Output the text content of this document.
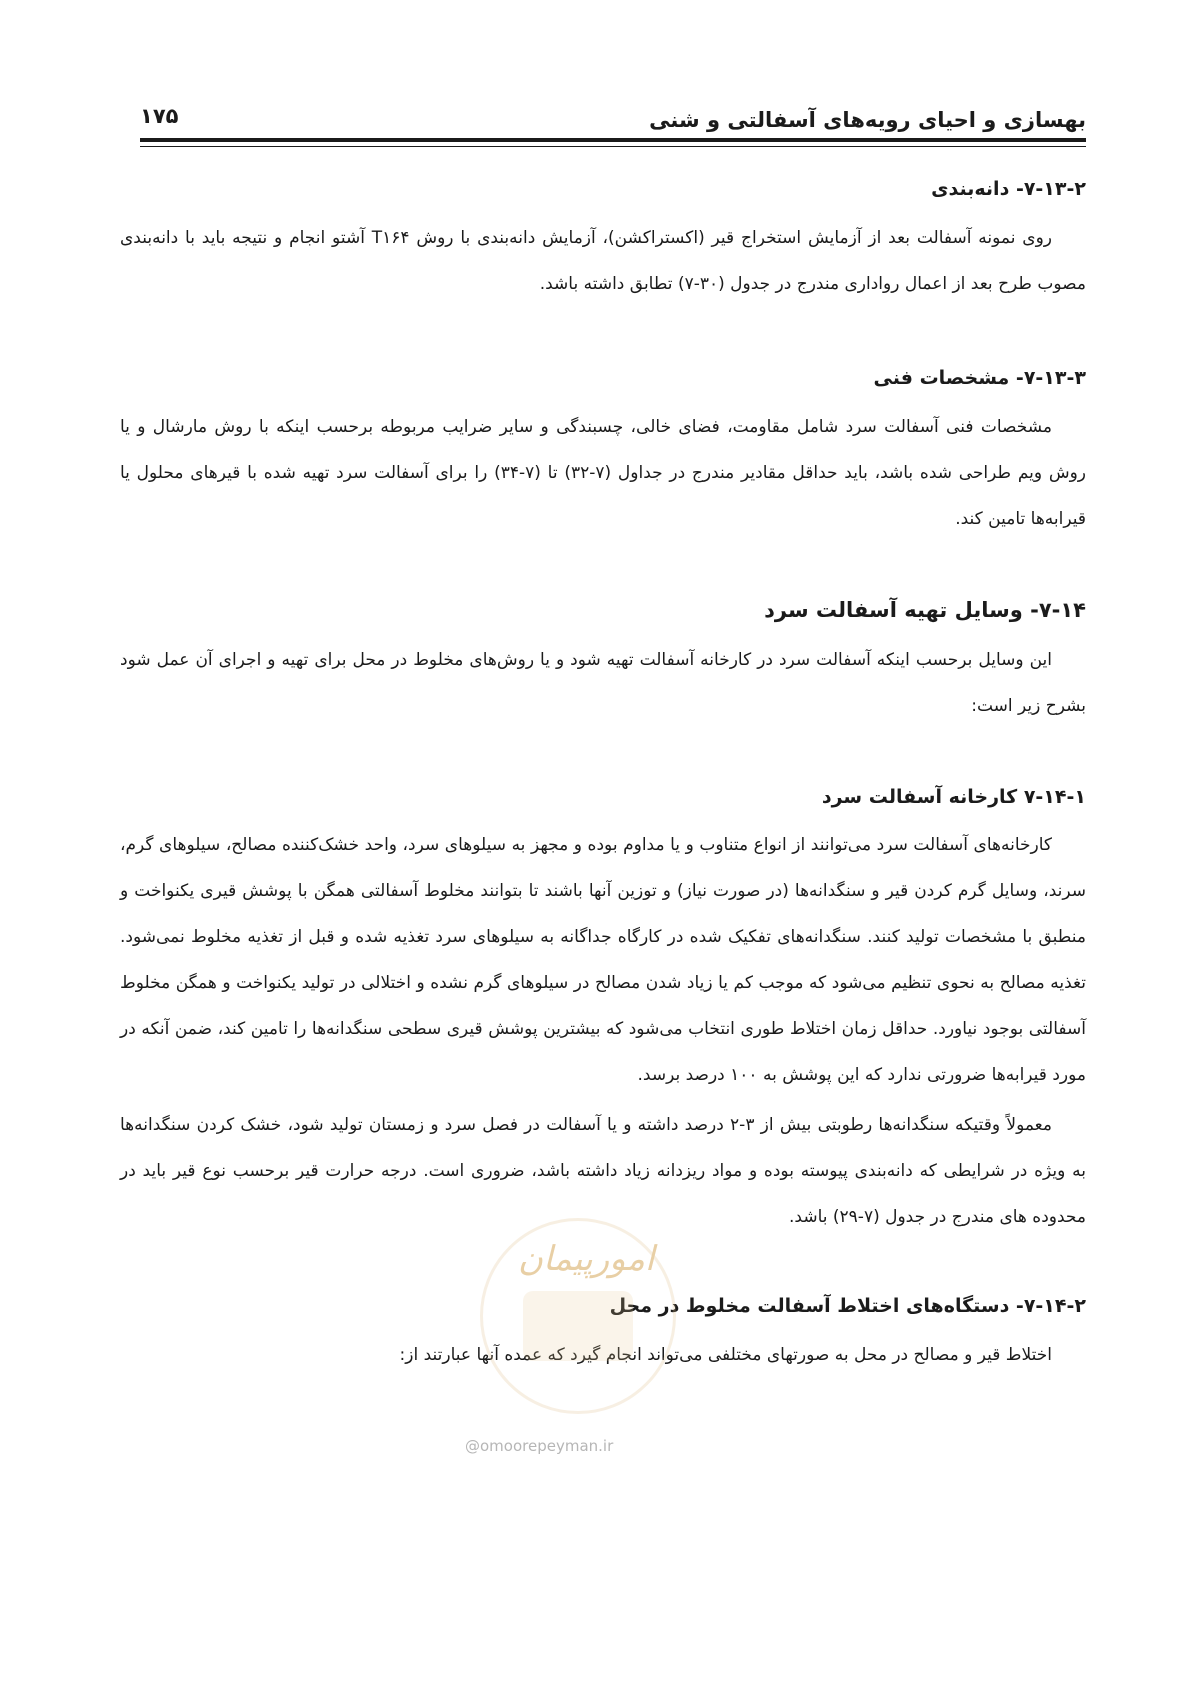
بهسازی و احیای رویه‌های آسفالتی و شنی
۱۷۵
۷-۱۳-۲- دانه‌بندی
روی نمونه آسفالت بعد از آزمایش استخراج قیر (اکستراکشن)، آزمایش دانه‌بندی با روش T۱۶۴ آشتو انجام و نتیجه باید با دانه‌بندی مصوب طرح بعد از اعمال رواداری مندرج در جدول (۳۰-۷) تطابق داشته باشد.
۷-۱۳-۳- مشخصات فنی
مشخصات فنی آسفالت سرد شامل مقاومت، فضای خالی، چسبندگی و سایر ضرایب مربوطه برحسب اینکه با روش مارشال و یا روش ویم طراحی شده باشد، باید حداقل مقادیر مندرج در جداول (۷-۳۲) تا (۷-۳۴) را برای آسفالت سرد تهیه شده با قیرهای محلول یا قیرابه‌ها تامین کند.
۷-۱۴- وسایل تهیه آسفالت سرد
این وسایل برحسب اینکه آسفالت سرد در کارخانه آسفالت تهیه شود و یا روش‌های مخلوط در محل برای تهیه و اجرای آن عمل شود بشرح زیر است:
۷-۱۴-۱ کارخانه آسفالت سرد
کارخانه‌های آسفالت سرد می‌توانند از انواع متناوب و یا مداوم بوده و مجهز به سیلوهای سرد، واحد خشک‌کننده مصالح، سیلوهای گرم، سرند، وسایل گرم کردن قیر و سنگدانه‌ها (در صورت نیاز) و توزین آنها باشند تا بتوانند مخلوط آسفالتی همگن با پوشش قیری یکنواخت و منطبق با مشخصات تولید کنند. سنگدانه‌های تفکیک شده در کارگاه جداگانه به سیلوهای سرد تغذیه شده و قبل از تغذیه مخلوط نمی‌شود. تغذیه مصالح به نحوی تنظیم می‌شود که موجب کم یا زیاد شدن مصالح در سیلوهای گرم نشده و اختلالی در تولید یکنواخت و همگن مخلوط آسفالتی بوجود نیاورد. حداقل زمان اختلاط طوری انتخاب می‌شود که بیشترین پوشش قیری سطحی سنگدانه‌ها را تامین کند، ضمن آنکه در مورد قیرابه‌ها ضرورتی ندارد که این پوشش به ۱۰۰ درصد برسد.
معمولاً وقتیکه سنگدانه‌ها رطوبتی بیش از ۳-۲ درصد داشته و یا آسفالت در فصل سرد و زمستان تولید شود، خشک کردن سنگدانه‌ها به ویژه در شرایطی که دانه‌بندی پیوسته بوده و مواد ریزدانه زیاد داشته باشد، ضروری است. درجه حرارت قیر برحسب نوع قیر باید در محدوده های مندرج در جدول (۷-۲۹) باشد.
۷-۱۴-۲- دستگاه‌های اختلاط آسفالت مخلوط در محل
اختلاط قیر و مصالح در محل به صورتهای مختلفی می‌تواند انجام گیرد که عمده آنها عبارتند از:
امورپیمان
@omoorepeyman.ir
